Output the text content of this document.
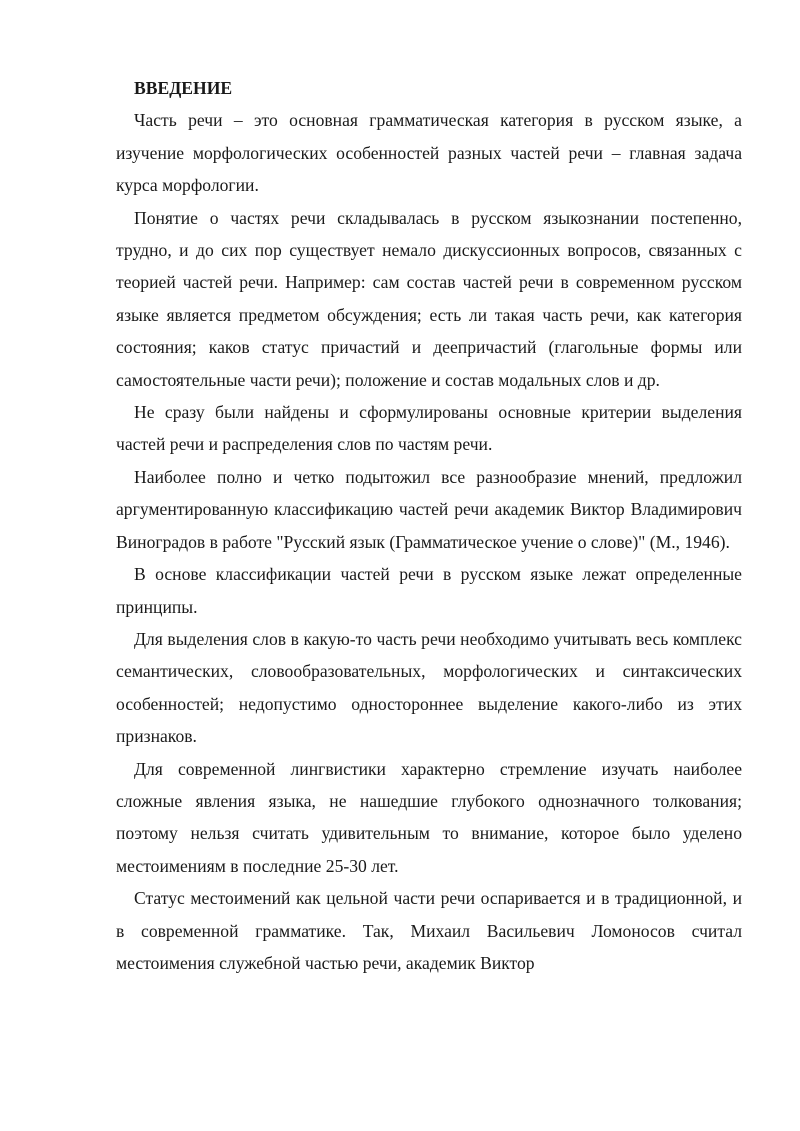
ВВЕДЕНИЕ

Часть речи – это основная грамматическая категория в русском языке, а изучение морфологических особенностей разных частей речи – главная задача курса морфологии.

Понятие о частях речи складывалась в русском языкознании постепенно, трудно, и до сих пор существует немало дискуссионных вопросов, связанных с теорией частей речи. Например: сам состав частей речи в современном русском языке является предметом обсуждения; есть ли такая часть речи, как категория состояния; каков статус причастий и деепричастий (глагольные формы или самостоятельные части речи); положение и состав модальных слов и др.

Не сразу были найдены и сформулированы основные критерии выделения частей речи и распределения слов по частям речи.

Наиболее полно и четко подытожил все разнообразие мнений, предложил аргументированную классификацию частей речи академик Виктор Владимирович Виноградов в работе "Русский язык (Грамматическое учение о слове)" (М., 1946).

В основе классификации частей речи в русском языке лежат определенные принципы.

Для выделения слов в какую-то часть речи необходимо учитывать весь комплекс семантических, словообразовательных, морфологических и синтаксических особенностей; недопустимо одностороннее выделение какого-либо из этих признаков.

Для современной лингвистики характерно стремление изучать наиболее сложные явления языка, не нашедшие глубокого однозначного толкования; поэтому нельзя считать удивительным то внимание, которое было уделено местоимениям в последние 25-30 лет.

Статус местоимений как цельной части речи оспаривается и в традиционной, и в современной грамматике. Так, Михаил Васильевич Ломоносов считал местоимения служебной частью речи, академик Виктор
